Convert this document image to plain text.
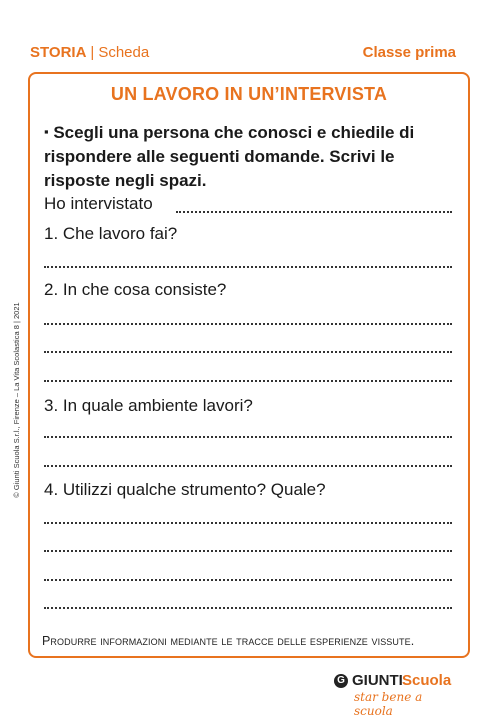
STORIA | Scheda	Classe prima
UN LAVORO IN UN’INTERVISTA
▪ Scegli una persona che conosci e chiedile di rispondere alle seguenti domande. Scrivi le risposte negli spazi.
Ho intervistato
1. Che lavoro fai?
2. In che cosa consiste?
3. In quale ambiente lavori?
4. Utilizzi qualche strumento? Quale?
Produrre informazioni mediante le tracce delle esperienze vissute.
© Giunti Scuola S.r.l., Firenze – La Vita Scolastica 8 | 2021
G GIUNTI Scuola
star bene a scuola
